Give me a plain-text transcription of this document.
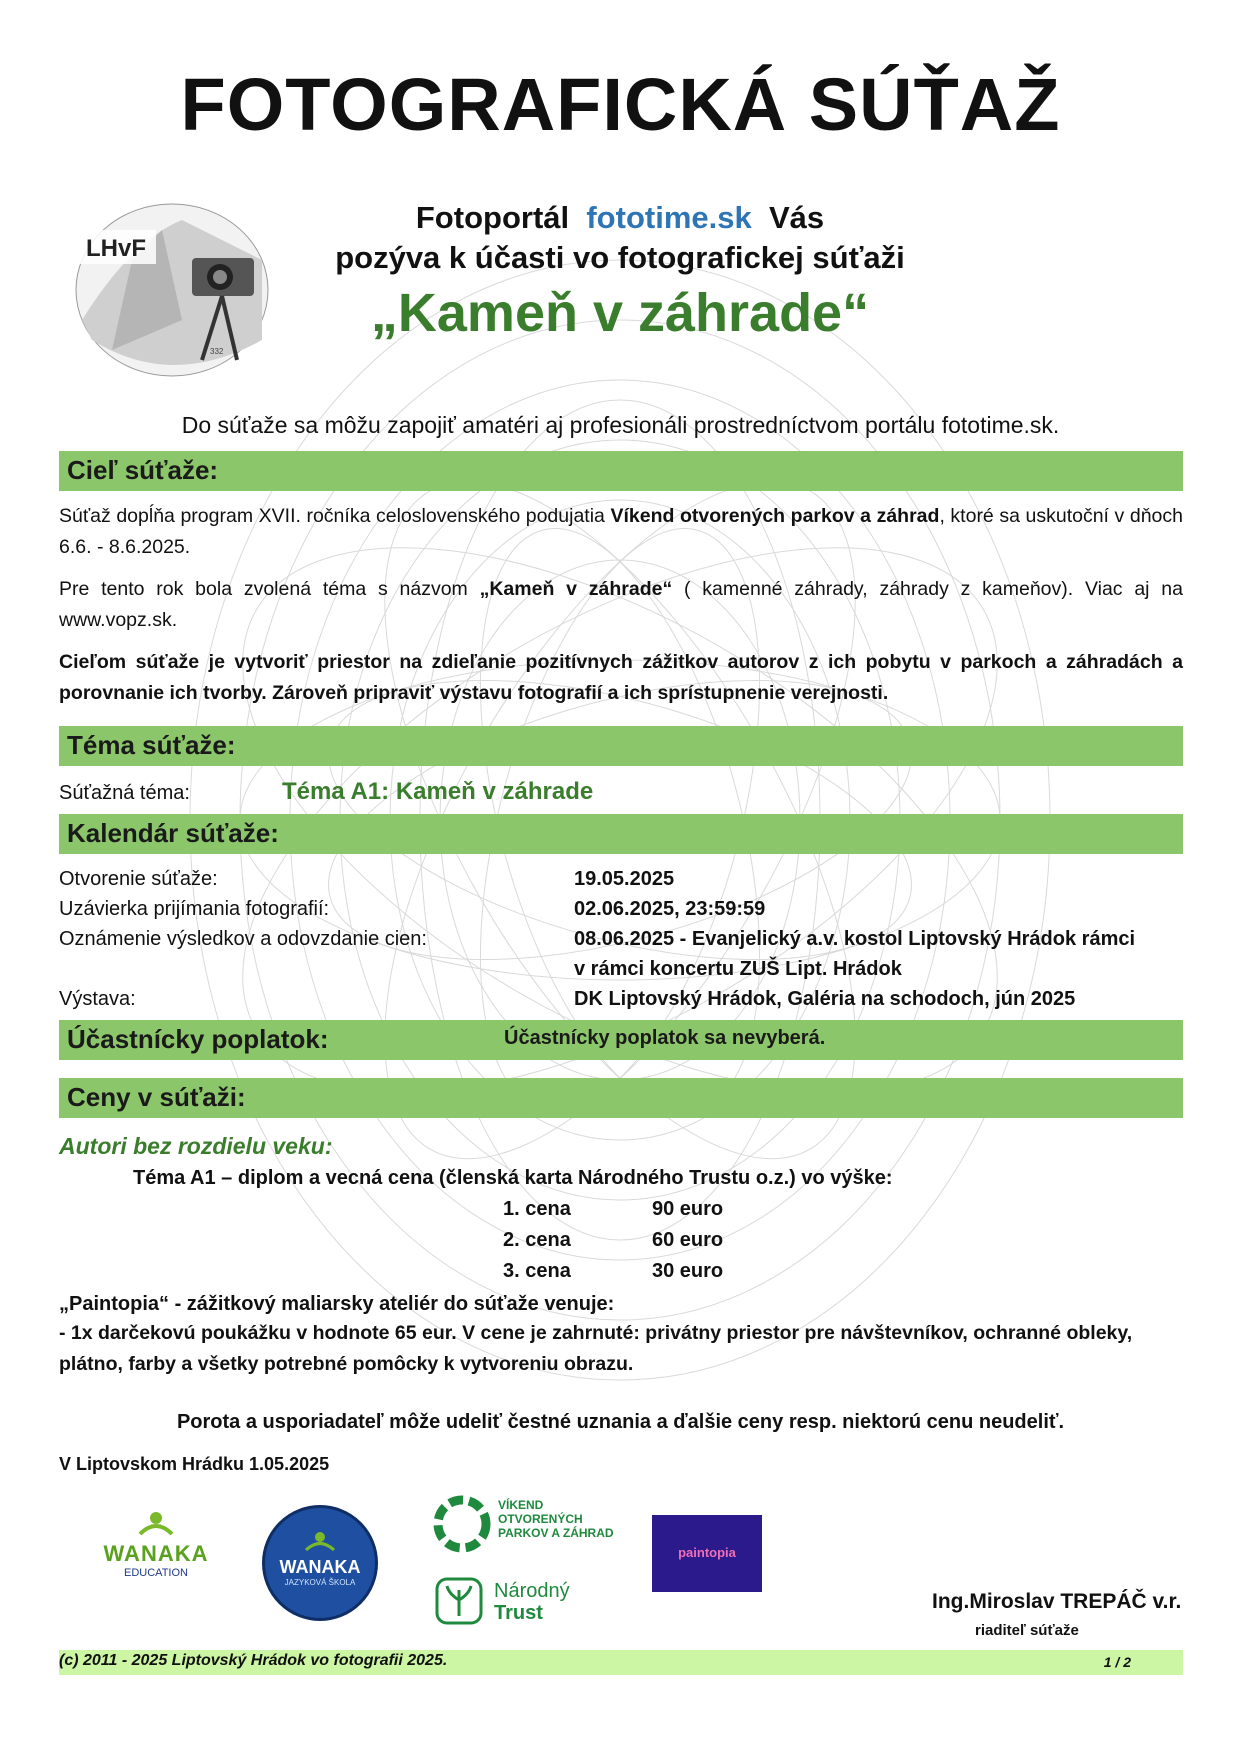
FOTOGRAFICKÁ SÚŤAŽ
LHvF
332
Fotoportál fototime.sk Vás
pozýva k účasti vo fotografickej súťaži
„Kameň v záhrade“
Do súťaže sa môžu zapojiť amatéri aj profesionáli prostredníctvom portálu fototime.sk.
Cieľ súťaže:
Súťaž dopĺňa program XVII. ročníka celoslovenského podujatia Víkend otvorených parkov a záhrad, ktoré sa uskutoční v dňoch 6.6. - 8.6.2025.
Pre tento rok bola zvolená téma s názvom „Kameň v záhrade“ ( kamenné záhrady, záhrady z kameňov). Viac aj na www.vopz.sk.
Cieľom súťaže je vytvoriť priestor na zdieľanie pozitívnych zážitkov autorov z ich pobytu v parkoch a záhradách a porovnanie ich tvorby. Zároveň pripraviť výstavu fotografií a ich sprístupnenie verejnosti.
Téma súťaže:
Súťažná téma:	Téma A1: Kameň v záhrade
Kalendár súťaže:
Otvorenie súťaže:	19.05.2025
Uzávierka prijímania fotografií:	02.06.2025, 23:59:59
Oznámenie výsledkov a odovzdanie cien:	08.06.2025 - Evanjelický a.v. kostol Liptovský Hrádok rámci
v rámci koncertu ZUŠ Lipt. Hrádok
Výstava:	DK Liptovský Hrádok, Galéria na schodoch, jún 2025
Účastnícky poplatok:	Účastnícky poplatok sa nevyberá.
Ceny v súťaži:
Autori bez rozdielu veku:
Téma A1 – diplom a vecná cena (členská karta Národného Trustu o.z.) vo výške:
1. cena	90 euro
2. cena	60 euro
3. cena	30 euro
„Paintopia“ - zážitkový maliarsky ateliér do súťaže venuje:
- 1x darčekovú poukážku v hodnote 65 eur. V cene je zahrnuté: privátny priestor pre návštevníkov, ochranné obleky, plátno, farby a všetky potrebné pomôcky k vytvoreniu obrazu.
Porota a usporiadateľ môže udeliť čestné uznania a ďalšie ceny resp. niektorú cenu neudeliť.
V Liptovskom Hrádku 1.05.2025
WANAKA
EDUCATION	WANAKA
JAZYKOVÁ ŠKOLA
VÍKEND
OTVORENÝCH
PARKOV A ZÁHRAD
Národný
Trust
paintopia
Ing.Miroslav TREPÁČ v.r.
riaditeľ súťaže
(c) 2011 - 2025 Liptovský Hrádok vo fotografii 2025.	1 / 2
